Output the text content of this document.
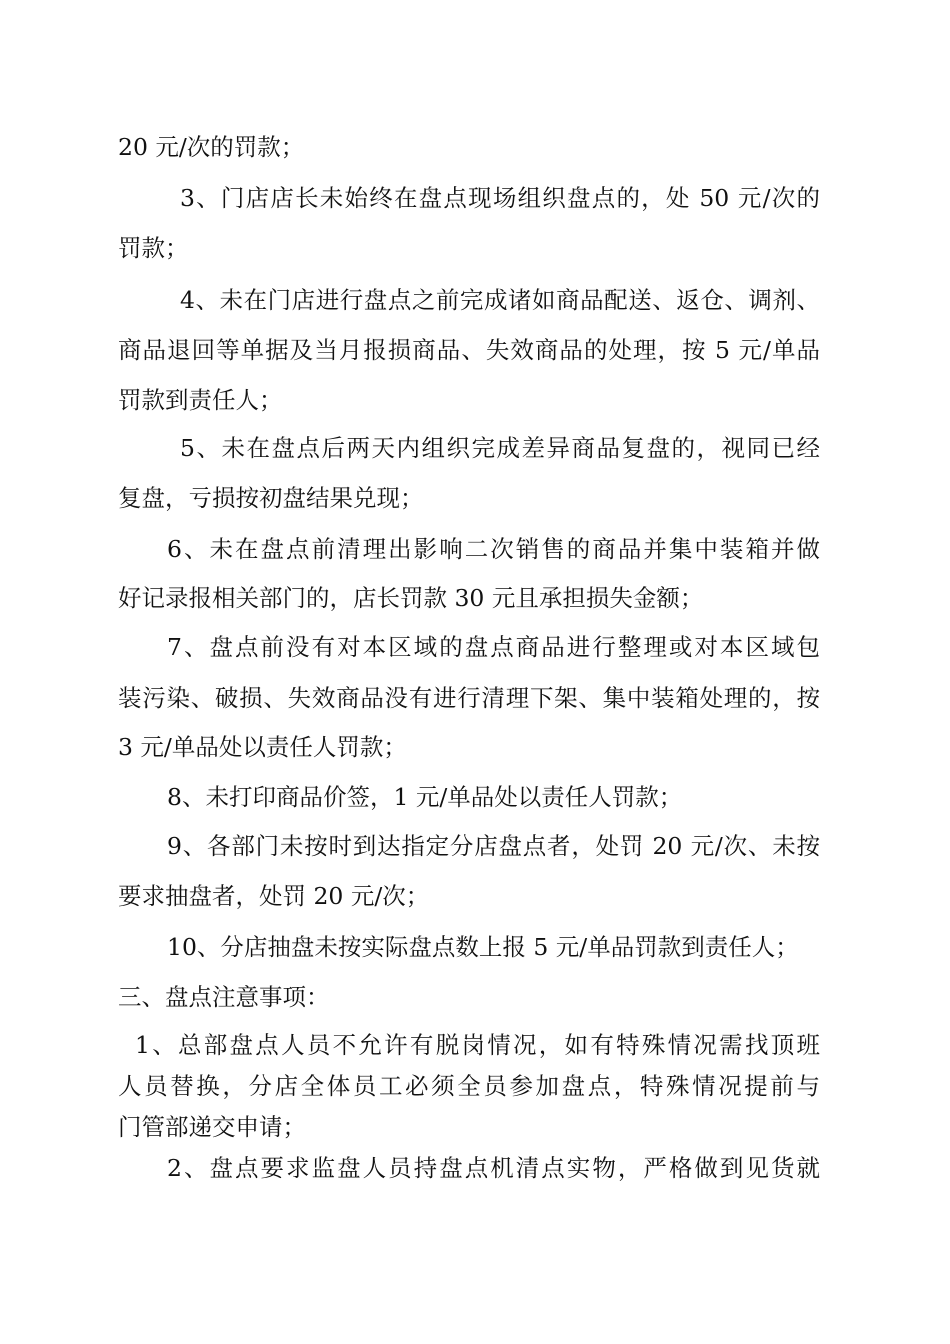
20 元/次的罚款；
3、门店店长未始终在盘点现场组织盘点的，处 50 元/次的
罚款；
4、未在门店进行盘点之前完成诸如商品配送、返仓、调剂、
商品退回等单据及当月报损商品、失效商品的处理，按 5 元/单品
罚款到责任人；
5、未在盘点后两天内组织完成差异商品复盘的，视同已经
复盘，亏损按初盘结果兑现；
6、未在盘点前清理出影响二次销售的商品并集中装箱并做
好记录报相关部门的，店长罚款 30 元且承担损失金额；
7、盘点前没有对本区域的盘点商品进行整理或对本区域包
装污染、破损、失效商品没有进行清理下架、集中装箱处理的，按
3 元/单品处以责任人罚款；
8、未打印商品价签，1 元/单品处以责任人罚款；
9、各部门未按时到达指定分店盘点者，处罚 20 元/次、未按
要求抽盘者，处罚 20 元/次；
10、分店抽盘未按实际盘点数上报 5 元/单品罚款到责任人；
三、盘点注意事项：
1、总部盘点人员不允许有脱岗情况，如有特殊情况需找顶班
人员替换，分店全体员工必须全员参加盘点，特殊情况提前与
门管部递交申请；
2、盘点要求监盘人员持盘点机清点实物，严格做到见货就
